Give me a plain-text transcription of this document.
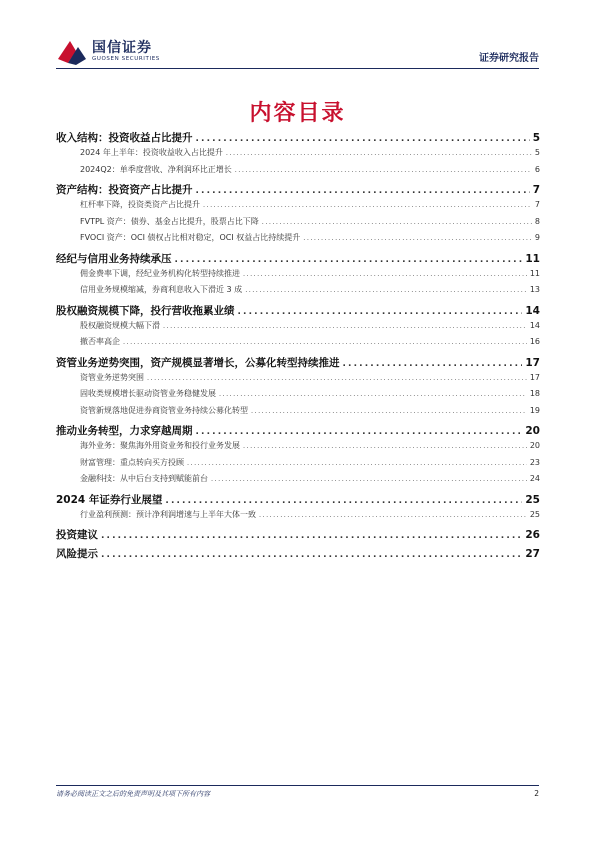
国信证券
GUOSEN SECURITIES	证券研究报告
内容目录
收入结构：投资收益占比提升 . . .	5
2024 年上半年：投资收益收入占比提升 . . .	5
2024Q2：单季度营收、净利润环比正增长 . . .	6
资产结构：投资资产占比提升 . . .	7
杠杆率下降，投资类资产占比提升 . . .	7
FVTPL 资产：债券、基金占比提升，股票占比下降 . . .	8
FVOCI 资产：OCI 债权占比相对稳定，OCI 权益占比持续提升 . . .	9
经纪与信用业务持续承压 . . .	11
佣金费率下调，经纪业务机构化转型持续推进 . . .	11
信用业务规模缩减，券商利息收入下滑近 3 成 . . .	13
股权融资规模下降，投行营收拖累业绩 . . .	14
股权融资规模大幅下滑 . . .	14
撤否率高企 . . .	16
资管业务逆势突围，资产规模显著增长，公募化转型持续推进 . . .	17
资管业务逆势突围 . . .	17
固收类规模增长驱动资管业务稳健发展 . . .	18
资管新规落地促进券商资管业务持续公募化转型 . . .	19
推动业务转型，力求穿越周期 . . .	20
海外业务：聚焦海外用资业务和投行业务发展 . . .	20
财富管理：重点转向买方投顾 . . .	23
金融科技：从中后台支持到赋能前台 . . .	24
2024 年证券行业展望 . . .	25
行业盈利预测：预计净利润增速与上半年大体一致 . . .	25
投资建议 . . .	26
风险提示 . . .	27
请务必阅读正文之后的免责声明及其项下所有内容	2
